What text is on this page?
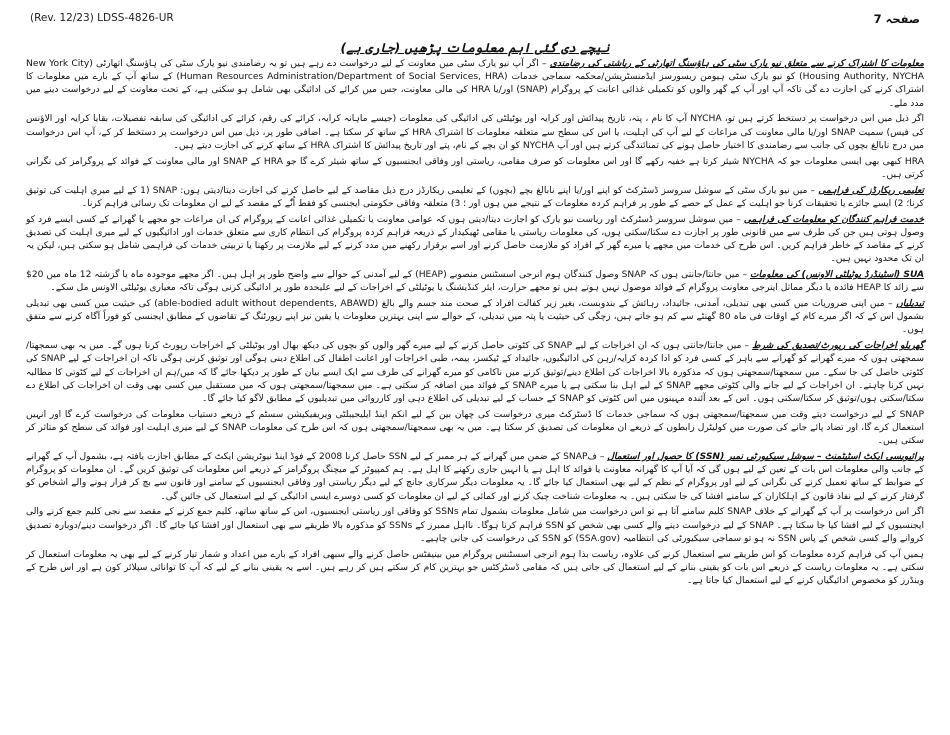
(Rev. 12/23) LDSS-4826-UR	صفحہ 7
نیچے دی گئی اہم معلومات پڑھیں (جاری ہے)

معلومات کا اشتراک کرنے سے متعلق نیو یارک سٹی کی ہاؤسنگ اتھارٹی کے ریاشتی کی رضامندی – اگر آپ نیو یارک سٹی میں معاونت کے لیے درخواست دے رہے ہیں تو یہ رضامندی نیو یارک سٹی کی ہاؤسنگ اتھارٹی (New York City Housing Authority, NYCHA) کو نیو یارک سٹی ہیومن ریسورسز ایڈمنسٹریشن/محکمہ سماجی خدمات (Human Resources Administration/Department of Social Services, HRA) کے ساتھ آپ کے بارے میں معلومات کا اشتراک کرنے کی اجازت دے گی تاکہ آپ اور آپ کے گھر والوں کو تکمیلی غذائی اعانت کے پروگرام (SNAP) اور/یا HRA کی مالی معاونت، جس میں کرائے کی ادائیگی بھی شامل ہو سکتی ہے، کے تحت معاونت کے لیے درخواست دینے میں مدد ملے۔

اگر ذیل میں اس درخواست پر دستخط کرتے ہیں تو، NYCHA آپ کا نام ، پتہ، تاریخ پیدائش اور کرایہ اور یوٹیلٹی کی ادائیگی کی معلومات (جیسے ماہانہ کرایہ، کرائے کی رقم، کرائے کی ادائیگی کی سابقہ تفصیلات، بقایا کرایہ اور الاؤنس کی فیس) سمیت SNAP اور/یا مالی معاونت کی مراعات کے لیے آپ کی اہلیت، یا اس کی سطح سے متعلقہ معلومات کا اشتراک HRA کے ساتھ کر سکتا ہے۔ اضافی طور پر، ذیل میں اس درخواست پر دستخط کر کے، آپ اس درخواست میں درج نابالغ بچوں کی جانب سے رضامندی کا اختیار حاصل ہونے کی تمنائندگی کرتے ہیں اور آپ NYCHA کو ان بچے کے نام، پتے اور تاریخ پیدائش کا اشتراک HRA کے ساتھ کرنے کی اجازت دیتے ہیں۔

HRA کبھی بھی ایسی معلومات جو کہ NYCHA شیئر کرتا ہے خفیہ رکھے گا اور اس معلومات کو صرف مقامی، ریاستی اور وفاقی ایجنسیوں کے ساتھ شیئر کرے گا جو HRA کے SNAP اور مالی معاونت کے فوائد کے پروگرامز کی نگرانی کرتی ہیں۔

تعلیمی ریکارڈز کی فراہمی – میں نیو یارک سٹی کے سوشل سروسز ڈسٹرکٹ کو اپنے اور/یا اپنے نابالغ بچے (بچوں) کے تعلیمی ریکارڈز درج ذیل مقاصد کے لیے حاصل کرنے کی اجازت دیتا/دیتی ہوں: SNAP (1 کے لیے میری اہلیت کی توثیق کرنا؛ 2) ایسے جائزے یا تحقیقات کرنا جو اہلیت کے عمل کے حصے کے طور پر فراہم کردہ معلومات کے نتیجے میں ہوں اور ؛ 3) متعلقہ وفاقی حکومتی ایجنسی کو فقط اُنّٰے کے مقصد کے لیے ان معلومات تک رسائی فراہم کرنا۔

خدمت فراہم کنندگان کو معلومات کی فراہمی – میں سوشل سروسز ڈسٹرکٹ اور ریاست نیو یارک کو اجازت دیتا/دیتی ہوں کہ عوامی معاونت یا تکمیلی غذائی اعانت کے پروگرام کی ان مراعات جو مجھے یا گھرانے کے کسی ایسے فرد کو وصول ہوتی ہیں جن کی طرف سے میں قانونی طور پر اجازت دے سکتا/سکتی ہوں، کی معلومات ریاستی یا مقامی ٹھیکیدار کے ذریعہ فراہم کردہ پروگرام کی انتظام کاری سے متعلق خدمات اور ادائیگیوں کے لیے میری اہلیت کی تصدیق کرنے کے مقاصد کے خاطر فراہم کریں۔ اس طرح کی خدمات میں مجھے یا میرے گھر کے افراد کو ملازمت حاصل کرنے اور اسے برقرار رکھنے میں مدد کرنے کے لیے ملازمت پر رکھنا یا تربیتی خدمات کی فراہمی شامل ہو سکتی ہیں، لیکن یہ ان تک محدود نہیں ہیں۔

SUA (اسٹینڈرڈ یوٹیلٹی الاونس) کی معلومات – میں جانتا/جانتی ہوں کہ SNAP وصول کنندگان ہوم انرجی اسسٹنس منصوبے (HEAP) کے لیے آمدنی کے حوالے سے واضح طور پر اہل ہیں۔ اگر مجھے موجودہ ماہ یا گزشتہ 12 ماہ میں 20$ سے زائد کا HEAP فائدہ یا دیگر مماثل اینرجی معاونت پروگرام کے فوائد موصول نہیں ہوتے ہیں تو مجھے حرارت، ایئر کنڈیشنگ یا یوٹیلٹی کے اخراجات کے لیے علیحدہ طور پر ادائیگی کرنی ہوگی تاکہ معیاری یوٹیلٹی الاونس مل سکے۔

تبدیلیاں – میں اپنی ضروریات میں کسی بھی تبدیلی، آمدنی، جائیداد، رہائش کے بندوبست، بغیر زیر کفالت افراد کے صحت مند جسم والے بالغ (able-bodied adult without dependents, ABAWD) کی حیثیت میں کسی بھی تبدیلی بشمول اس کے کہ اگر میرے کام کے اوقات فی ماہ 80 گھنٹے سے کم ہو جاتے ہیں، زچگی کی حیثیت یا پتہ میں تبدیلی، کے حوالے سے اپنی بہترین معلومات یا یقین نیز اپنے رپورٹنگ کے تقاضوں کے مطابق ایجنسی کو فوراً آگاہ کرنے سے متفق ہوں۔

گھریلو اخراجات کی رپورٹ/تصدیق کی شرط – میں جانتا/جانتی ہوں کہ ان اخراجات کے لیے SNAP کی کٹوتی حاصل کرنے کے لیے میرے گھر والوں کو بچوں کی دیکھ بھال اور یوٹیلٹی کے اخراجات رپورٹ کرنا ہوں گے۔ میں یہ بھی سمجھتا/سمجھتی ہوں کہ میرے گھرانے کو گھرانے سے باہر کے کسی فرد کو ادا کردہ کرایہ/رہن کی ادائیگیوں، جائیداد کے ٹیکسز، بیمہ، طبی اخراجات اور اعانت اطفال کی اطلاع دینی ہوگی اور توثیق کرنی ہوگی تاکہ ان اخراجات کے لیے SNAP کی کٹوتی حاصل کی جا سکے۔ میں سمجھتا/سمجھتی ہوں کہ مذکورہ بالا اخراجات کی اطلاع دینے/توثیق کرنے میں ناکامی کو میرے گھرانے کی طرف سے ایک ایسے بیان کے طور پر دیکھا جائے گا کہ میں/ہم ان اخراجات کے لیے کٹوتی کا مطالبہ نہیں کرنا چاہتے۔ ان اخراجات کے لیے جانے والی کٹوتی مجھے SNAP کے لیے اہل بنا سکتی ہے یا میرے SNAP کے فوائد میں اضافہ کر سکتی ہے۔ میں سمجھتا/سمجھتی ہوں کہ میں مستقبل میں کسی بھی وقت ان اخراجات کی اطلاع دے سکتا/سکتی ہوں/توثیق کر سکتا/سکتی ہوں۔ اس کے بعد آئندہ مہینوں میں اس کٹوتی کو SNAP کے حساب کے لیے تبدیلی کی اطلاع دہی اور کارروائی میں تبدیلیوں کے مطابق لاگو کیا جائے گا۔

SNAP کے لیے درخواست دیتے وقت میں سمجھتا/سمجھتی ہوں کہ سماجی خدمات کا ڈسٹرکٹ میری درخواست کی چھان بین کے لیے انکم اینڈ ایلیجیبلٹی ویریفیکیشن سسٹم کے ذریعے دستیاب معلومات کی درخواست کرے گا اور انہیں استعمال کرے گا، اور تضاد پائے جانے کی صورت میں کولیٹرل رابطوں کے ذریعے ان معلومات کی تصدیق کر سکتا ہے۔ میں یہ بھی سمجھتا/سمجھتی ہوں کہ اس طرح کی معلومات SNAP کے لیے میری اہلیت اور فوائد کی سطح کو متاثر کر سکتی ہیں۔

پرائیویسی ایکٹ اسٹیٹمنٹ – سوشل سیکیورٹی نمبر (SSN) کا حصول اور استعمال – فSNAP کے ضمن میں گھرانے کے ہر ممبر کے لیے SSN حاصل کرنا 2008 کے فوڈ اینڈ نیوٹریشن ایکٹ کے مطابق اجازت یافتہ ہے، بشمول آپ کے گھرانے کے جانب والی معلومات اس بات کے تعین کے لیے ہوں گی کہ آیا آپ کا گھرانہ معاونت یا فوائد کا اہل ہے یا انہیں جاری رکھنے کا اہل ہے۔ ہم کمپیوٹر کے میچنگ پروگرامز کے ذریعے اس معلومات کی توثیق کریں گے۔ ان معلومات کو پروگرام کے ضوابط کے ساتھ تعمیل کرنے کی نگرانی کے لیے اور پروگرام کے نظم کے لیے بھی استعمال کیا جائے گا۔ یہ معلومات دیگر سرکاری جانچ کے لیے دیگر ریاستی اور وفاقی ایجنسیوں کے سامنے اور قانون سے بچ کر فرار ہونے والے اشخاص کو گرفتار کرنے کے لیے نفاذ قانون کے اہلکاران کے سامنے افشا کی جا سکتی ہیں۔ یہ معلومات شناخت چیک کرنے اور کمائی کے لیے ان معلومات کو کسی دوسرے ایسی ادائیگی کے لیے استعمال کی جائیں گی۔

اگر اس درخواست پر آپ کے گھرانے کے خلاف SNAP کلیم سامنے آتا ہے تو اس درخواست میں شامل معلومات بشمول تمام SSNs کو وفاقی اور ریاستی ایجنسیوں، اس کے ساتھ ساتھ، کلیم جمع کرنے کے مقصد سے نجی کلیم جمع کرنے والی ایجنسیوں کے لیے افشا کیا جا سکتا ہے۔ SNAP کے لیے درخواست دینے والے کسی بھی شخص کو SSN فراہم کرنا ہوگا۔ نااہل ممبرز کے SSNs کو مذکورہ بالا طریقے سے بھی استعمال اور افشا کیا جائے گا۔ اگر درخواست دینے/دوبارہ تصدیق کروانے والے کسی شخص کے پاس SSN نہ ہو تو سماجی سیکیورٹی کی انتظامیہ (SSA.gov) کو SSN کی درخواست کی جانی چاہیے۔

ہمیں آپ کی فراہم کردہ معلومات کو اس طریقے سے استعمال کرنے کی علاوہ، ریاست بذا ہوم انرجی اسسٹنس پروگرام میں بینیفٹس حاصل کرنے والے سبھی افراد کے بارے میں اعداد و شمار تیار کرنے کے لیے بھی یہ معلومات استعمال کر سکتی ہے۔ یہ معلومات ریاست کے ذریعے اس بات کو یقینی بنانے کے لیے استعمال کی جاتی ہیں کہ مقامی ڈسٹرکٹس جو بہترین کام کر سکتے ہیں کر رہے ہیں۔ اسے یہ یقینی بنانے کے لیے کہ آپ کا توانائی سپلائر کون ہے اور اس طرح کے وینڈرز کو مخصوص ادائیگیاں کرنے کے لیے استعمال کیا جاتا ہے۔
